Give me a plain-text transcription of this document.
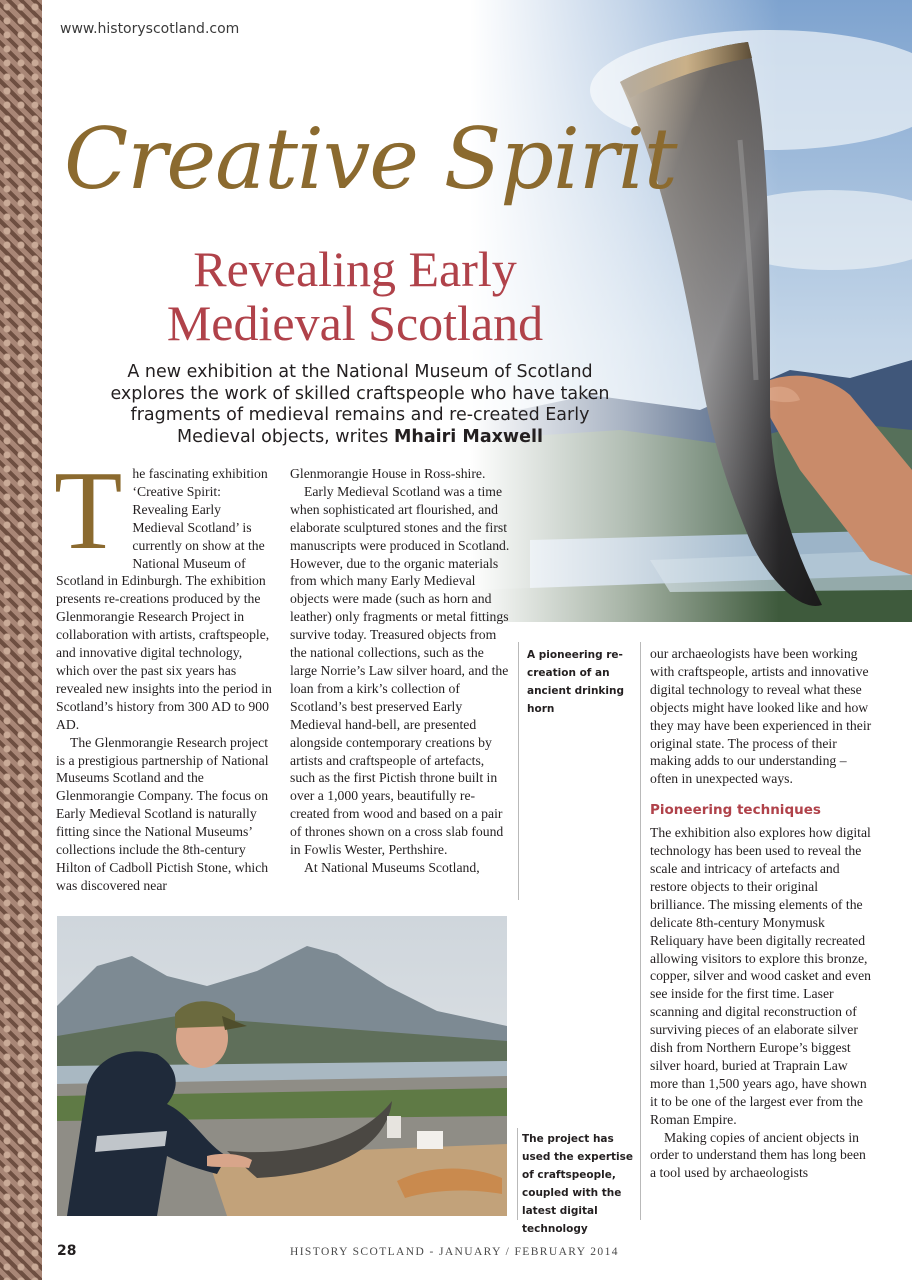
www.historyscotland.com
Creative Spirit
Revealing Early
Medieval Scotland
A new exhibition at the National Museum of Scotland explores the work of skilled craftspeople who have taken fragments of medieval remains and re-created Early Medieval objects, writes Mhairi Maxwell

The fascinating exhibition ‘Creative Spirit: Revealing Early Medieval Scotland’ is currently on show at the National Museum of Scotland in Edinburgh. The exhibition presents re-creations produced by the Glenmorangie Research Project in collaboration with artists, craftspeople, and innovative digital technology, which over the past six years has revealed new insights into the period in Scotland’s history from 300 AD to 900 AD.

The Glenmorangie Research project is a prestigious partnership of National Museums Scotland and the Glenmorangie Company. The focus on Early Medieval Scotland is naturally fitting since the National Museums’ collections include the 8th-century Hilton of Cadboll Pictish Stone, which was discovered near

Glenmorangie House in Ross-shire.

Early Medieval Scotland was a time when sophisticated art flourished, and elaborate sculptured stones and the first manuscripts were produced in Scotland. However, due to the organic materials from which many Early Medieval objects were made (such as horn and leather) only fragments or metal fittings survive today. Treasured objects from the national collections, such as the large Norrie’s Law silver hoard, and the loan from a kirk’s collection of Scotland’s best preserved Early Medieval hand-bell, are presented alongside contemporary creations by artists and craftspeople of artefacts, such as the first Pictish throne built in over a 1,000 years, beautifully re-created from wood and based on a pair of thrones shown on a cross slab found in Fowlis Wester, Perthshire.

At National Museums Scotland,

A pioneering re-creation of an ancient drinking horn

our archaeologists have been working with craftspeople, artists and innovative digital technology to reveal what these objects might have looked like and how they may have been experienced in their original state. The process of their making adds to our understanding – often in unexpected ways.

Pioneering techniques

The exhibition also explores how digital technology has been used to reveal the scale and intricacy of artefacts and restore objects to their original brilliance. The missing elements of the delicate 8th-century Monymusk Reliquary have been digitally recreated allowing visitors to explore this bronze, copper, silver and wood casket and even see inside for the first time. Laser scanning and digital reconstruction of surviving pieces of an elaborate silver dish from Northern Europe’s biggest silver hoard, buried at Traprain Law more than 1,500 years ago, have shown it to be one of the largest ever from the Roman Empire.

Making copies of ancient objects in order to understand them has long been a tool used by archaeologists

The project has used the expertise of craftspeople, coupled with the latest digital technology
28	HISTORY SCOTLAND - JANUARY / FEBRUARY 2014
